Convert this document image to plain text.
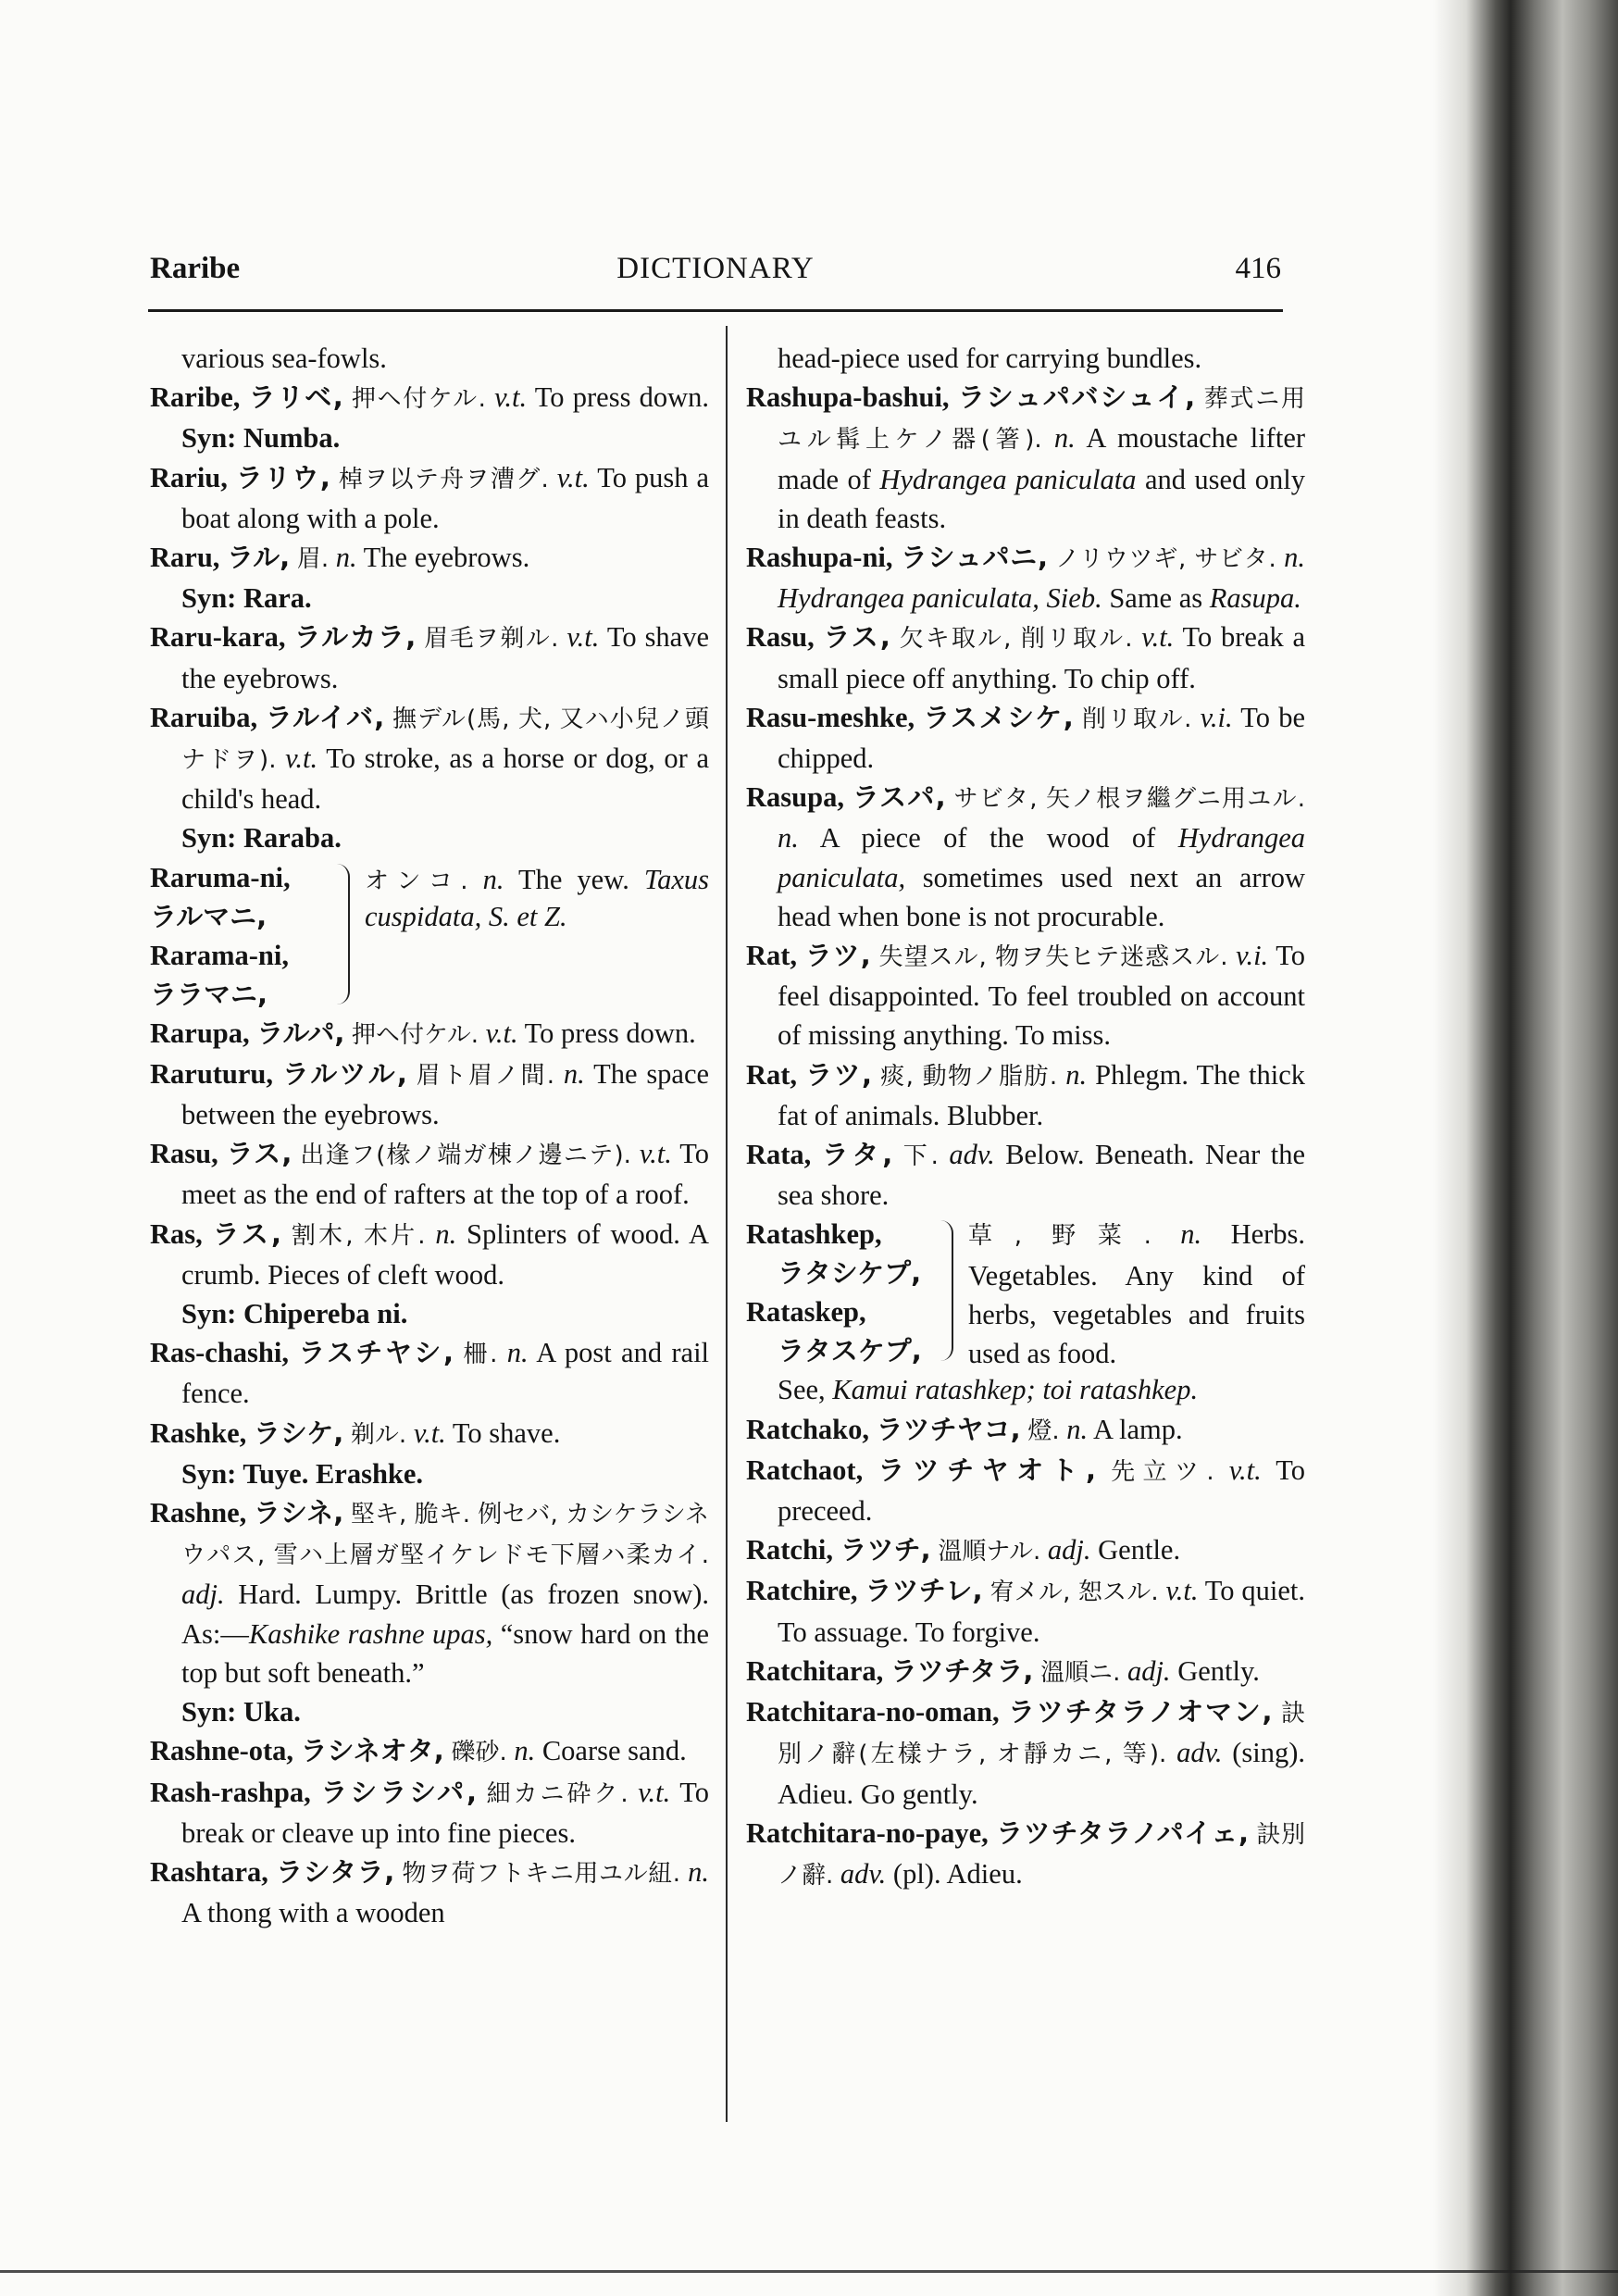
Raribe	DICTIONARY	416
various sea-fowls.
Raribe, ラリベ, 押ヘ付ケル. v.t. To press down. Syn: Numba.
Rariu, ラリウ, 棹ヲ以テ舟ヲ漕グ. v.t. To push a boat along with a pole.
Raru, ラル, 眉. n. The eyebrows.
Syn: Rara.
Raru-kara, ラルカラ, 眉毛ヲ剃ル. v.t. To shave the eyebrows.
Raruiba, ラルイバ, 撫デル(馬, 犬, 又ハ小兒ノ頭ナドヲ). v.t. To stroke, as a horse or dog, or a child's head.
Syn: Raraba.
Raruma-ni,
ラルマニ,
Rarama-ni,
ララマニ,
オンコ. n. The yew. Taxus cuspidata, S. et Z.
Rarupa, ラルパ, 押ヘ付ケル. v.t. To press down.
Raruturu, ラルツル, 眉ト眉ノ間. n. The space between the eyebrows.
Rasu, ラス, 出逢フ(椽ノ端ガ棟ノ邊ニテ). v.t. To meet as the end of rafters at the top of a roof.
Ras, ラス, 割木, 木片. n. Splinters of wood. A crumb. Pieces of cleft wood.
Syn: Chipereba ni.
Ras-chashi, ラスチヤシ, 柵. n. A post and rail fence.
Rashke, ラシケ, 剃ル. v.t. To shave.
Syn: Tuye. Erashke.
Rashne, ラシネ, 堅キ, 脆キ. 例セバ, カシケラシネウパス, 雪ハ上層ガ堅イケレドモ下層ハ柔カイ. adj. Hard. Lumpy. Brittle (as frozen snow). As:—Kashike rashne upas, “snow hard on the top but soft beneath.”
Syn: Uka.
Rashne-ota, ラシネオタ, 礫砂. n. Coarse sand.
Rash-rashpa, ラシラシパ, 細カニ砕ク. v.t. To break or cleave up into fine pieces.
Rashtara, ラシタラ, 物ヲ荷フトキニ用ユル紐. n. A thong with a wooden
head-piece used for carrying bundles.
Rashupa-bashui, ラシュパバシュイ, 葬式ニ用ユル髯上ケノ器(箸). n. A moustache lifter made of Hydrangea paniculata and used only in death feasts.
Rashupa-ni, ラシュパニ, ノリウツギ, サビタ. n. Hydrangea paniculata, Sieb. Same as Rasupa.
Rasu, ラス, 欠キ取ル, 削リ取ル. v.t. To break a small piece off anything. To chip off.
Rasu-meshke, ラスメシケ, 削リ取ル. v.i. To be chipped.
Rasupa, ラスパ, サビタ, 矢ノ根ヲ繼グニ用ユル. n. A piece of the wood of Hydrangea paniculata, sometimes used next an arrow head when bone is not procurable.
Rat, ラツ, 失望スル, 物ヲ失ヒテ迷惑スル. v.i. To feel disappointed. To feel troubled on account of missing anything. To miss.
Rat, ラツ, 痰, 動物ノ脂肪. n. Phlegm. The thick fat of animals. Blubber.
Rata, ラタ, 下. adv. Below. Beneath. Near the sea shore.
Ratashkep,
ラタシケプ,
Rataskep,
ラタスケプ,
草, 野菜. n. Herbs. Vegetables. Any kind of herbs, vegetables and fruits used as food.
See, Kamui ratashkep; toi ratashkep.
Ratchako, ラツチヤコ, 燈. n. A lamp.
Ratchaot, ラツチヤオト, 先立ツ. v.t. To preceed.
Ratchi, ラツチ, 溫順ナル. adj. Gentle.
Ratchire, ラツチレ, 宥メル, 恕スル. v.t. To quiet. To assuage. To forgive.
Ratchitara, ラツチタラ, 溫順ニ. adj. Gently.
Ratchitara-no-oman, ラツチタラノオマン, 訣別ノ辭(左樣ナラ, オ靜カニ, 等). adv. (sing). Adieu. Go gently.
Ratchitara-no-paye, ラツチタラノパイェ, 訣別ノ辭. adv. (pl). Adieu.
